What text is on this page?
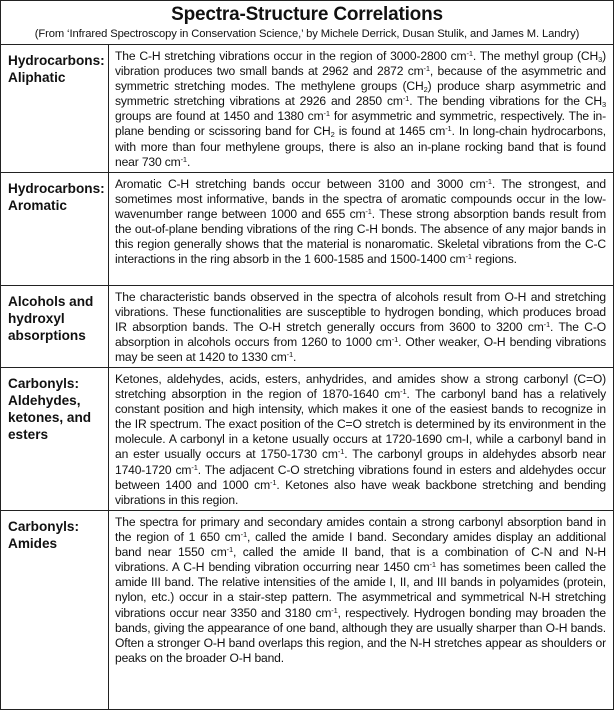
Spectra-Structure Correlations
(From ‘Infrared Spectroscopy in Conservation Science,’ by Michele Derrick, Dusan Stulik, and James M. Landry)
Hydrocarbons:
Aliphatic
The C-H stretching vibrations occur in the region of 3000-2800 $cm^{-1}$. The methyl group $(CH_3)$ vibration produces two small bands at 2962 and 2872 $cm^{-1}$, because of the asymmetric and symmetric stretching modes. The methylene groups $(CH_2)$ produce sharp asymmetric and symmetric stretching vibrations at 2926 and 2850 $cm^{-1}$. The bending vibrations for the $CH_3$ groups are found at 1450 and 1380 $cm^{-1}$ for asymmetric and symmetric, respectively. The in-plane bending or scissoring band for $CH_2$ is found at 1465 $cm^{-1}$. In long-chain hydrocarbons, with more than four methylene groups, there is also an in-plane rocking band that is found near 730 $cm^{-1}$.
Hydrocarbons:
Aromatic
Aromatic C-H stretching bands occur between 3100 and 3000 $cm^{-1}$. The strongest, and sometimes most informative, bands in the spectra of aromatic compounds occur in the low-wavenumber range between 1000 and 655 $cm^{-1}$. These strong absorption bands result from the out-of-plane bending vibrations of the ring C-H bonds. The absence of any major bands in this region generally shows that the material is nonaromatic. Skeletal vibrations from the C-C interactions in the ring absorb in the 1 600-1585 and 1500-1400 $cm^{-1}$ regions.
Alcohols and
hydroxyl
absorptions
The characteristic bands observed in the spectra of alcohols result from O-H and stretching vibrations. These functionalities are susceptible to hydrogen bonding, which produces broad IR absorption bands. The O-H stretch generally occurs from 3600 to 3200 $cm^{-1}$. The C-O absorption in alcohols occurs from 1260 to 1000 $cm^{-1}$. Other weaker, O-H bending vibrations may be seen at 1420 to 1330 $cm^{-1}$.
Carbonyls:
Aldehydes,
ketones, and
esters
Ketones, aldehydes, acids, esters, anhydrides, and amides show a strong carbonyl (C=O) stretching absorption in the region of 1870-1640 $cm^{-1}$. The carbonyl band has a relatively constant position and high intensity, which makes it one of the easiest bands to recognize in the IR spectrum. The exact position of the C=O stretch is determined by its environment in the molecule. A carbonyl in a ketone usually occurs at 1720-1690 cm-I, while a carbonyl band in an ester usually occurs at 1750-1730 $cm^{-1}$. The carbonyl groups in aldehydes absorb near 1740-1720 $cm^{-1}$. The adjacent C-O stretching vibrations found in esters and aldehydes occur between 1400 and 1000 $cm^{-1}$. Ketones also have weak backbone stretching and bending vibrations in this region.
Carbonyls:
Amides
The spectra for primary and secondary amides contain a strong carbonyl absorption band in the region of 1 650 $cm^{-1}$, called the amide I band. Secondary amides display an additional band near 1550 $cm^{-1}$, called the amide II band, that is a combination of C-N and N-H vibrations. A C-H bending vibration occurring near 1450 $cm^{-1}$ has sometimes been called the amide III band. The relative intensities of the amide I, II, and III bands in polyamides (protein, nylon, etc.) occur in a stair-step pattern. The asymmetrical and symmetrical N-H stretching vibrations occur near 3350 and 3180 $cm^{-1}$, respectively. Hydrogen bonding may broaden the bands, giving the appearance of one band, although they are usually sharper than O-H bands. Often a stronger O-H band overlaps this region, and the N-H stretches appear as shoulders or peaks on the broader O-H band.
